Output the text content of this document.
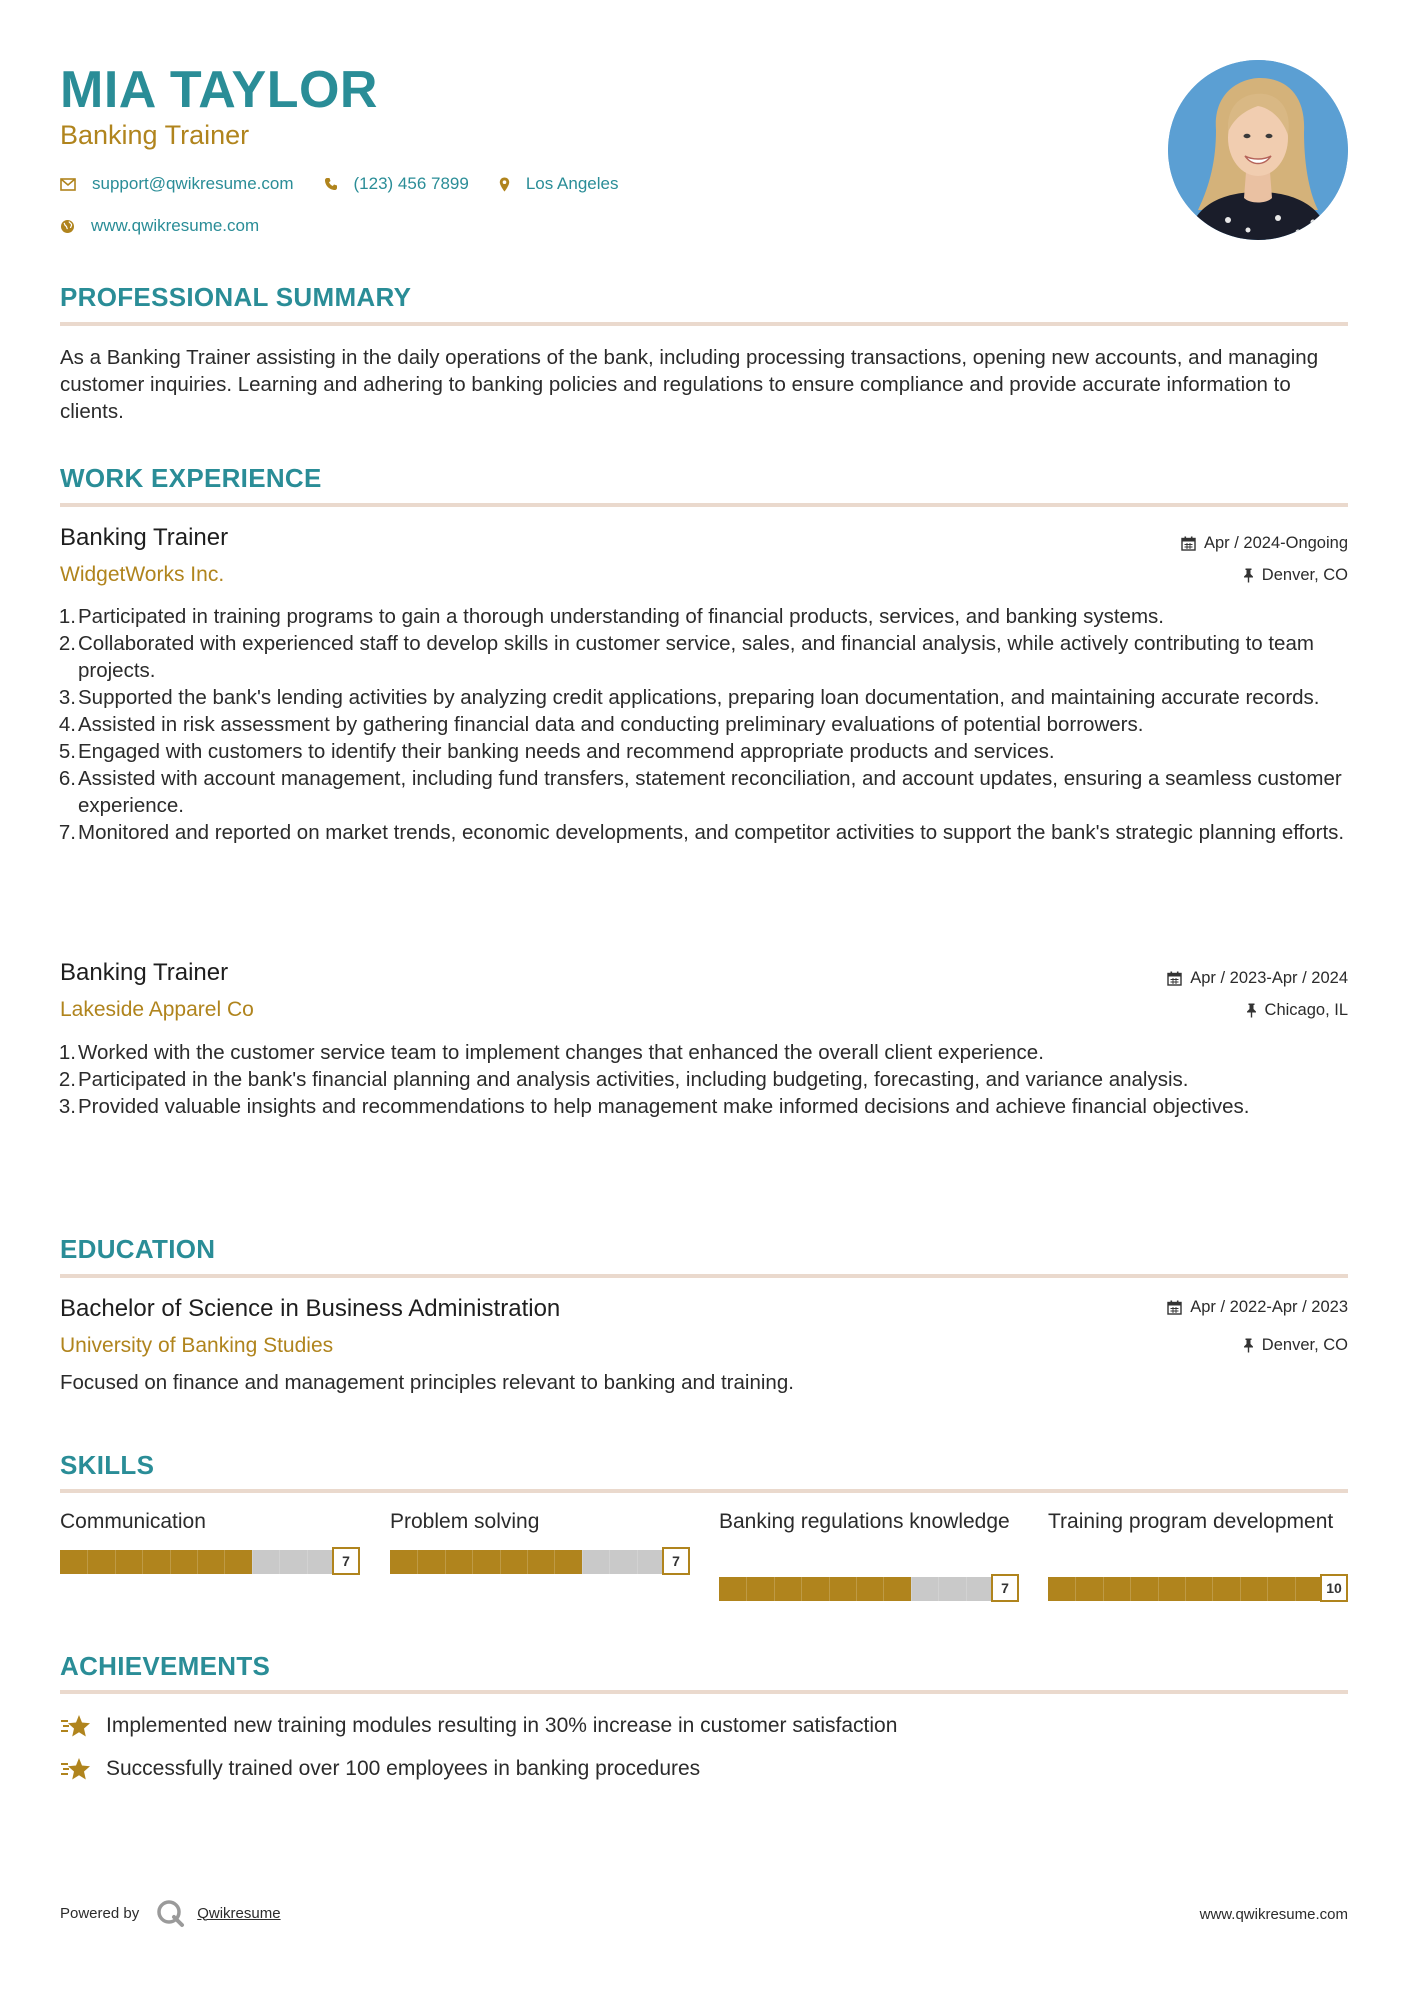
MIA TAYLOR
Banking Trainer
support@qwikresume.com	(123) 456 7899	Los Angeles
www.qwikresume.com
PROFESSIONAL SUMMARY

As a Banking Trainer assisting in the daily operations of the bank, including processing transactions, opening new accounts, and managing customer inquiries. Learning and adhering to banking policies and regulations to ensure compliance and provide accurate information to clients.

WORK EXPERIENCE
Banking Trainer
WidgetWorks Inc.
Apr / 2024-Ongoing
Denver, CO
1. Participated in training programs to gain a thorough understanding of financial products, services, and banking systems.
2. Collaborated with experienced staff to develop skills in customer service, sales, and financial analysis, while actively contributing to team projects.
3. Supported the bank's lending activities by analyzing credit applications, preparing loan documentation, and maintaining accurate records.
4. Assisted in risk assessment by gathering financial data and conducting preliminary evaluations of potential borrowers.
5. Engaged with customers to identify their banking needs and recommend appropriate products and services.
6. Assisted with account management, including fund transfers, statement reconciliation, and account updates, ensuring a seamless customer experience.
7. Monitored and reported on market trends, economic developments, and competitor activities to support the bank's strategic planning efforts.
Banking Trainer
Lakeside Apparel Co
Apr / 2023-Apr / 2024
Chicago, IL
1. Worked with the customer service team to implement changes that enhanced the overall client experience.
2. Participated in the bank's financial planning and analysis activities, including budgeting, forecasting, and variance analysis.
3. Provided valuable insights and recommendations to help management make informed decisions and achieve financial objectives.
EDUCATION
Bachelor of Science in Business Administration
University of Banking Studies
Apr / 2022-Apr / 2023
Denver, CO

Focused on finance and management principles relevant to banking and training.

SKILLS
Communication
7
Problem solving
7
Banking regulations knowledge
7
Training program development
10
ACHIEVEMENTS
Implemented new training modules resulting in 30% increase in customer satisfaction
Successfully trained over 100 employees in banking procedures
Powered by	Qwikresume	www.qwikresume.com
